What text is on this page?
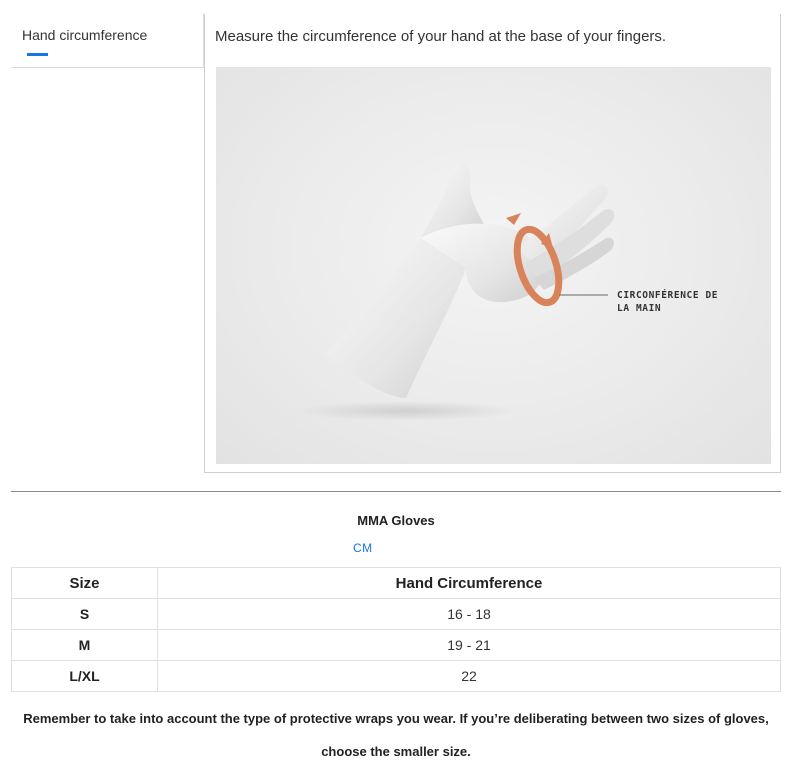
Hand circumference	Measure the circumference of your hand at the base of your fingers.
CIRCONFÉRENCE DE
LA MAIN
MMA Gloves
CM
Size	Hand Circumference
S	16 - 18
M	19 - 21
L/XL	22
Remember to take into account the type of protective wraps you wear. If you’re deliberating between two sizes of gloves, choose the smaller size.
